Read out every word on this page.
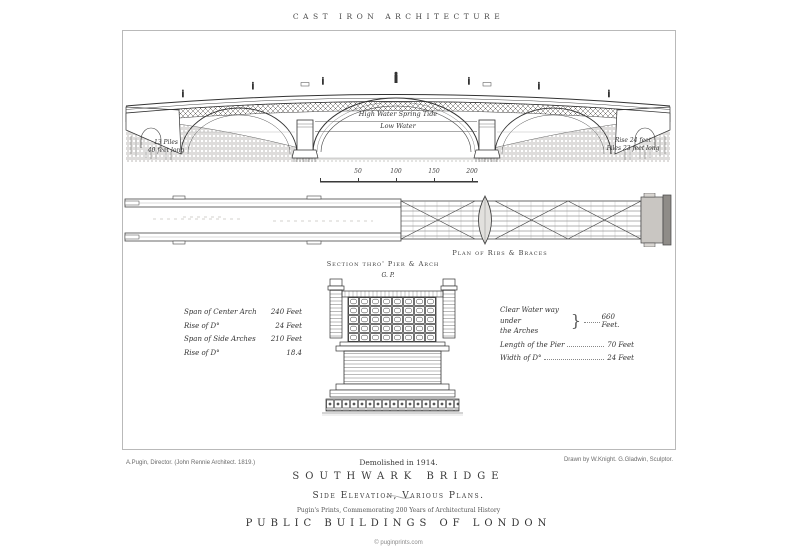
CAST IRON ARCHITECTURE
High Water Spring Tide
Low Water
13 Piles
40 feet long
Rise 24 feet
Piles 23 feet long
50	100	150	200
Plan of Ribs & Braces
Section thro' Pier & Arch
G. P.
Span of Center Arch 240 Feet
Rise of D°	24 Feet
Span of Side Arches 210 Feet
Rise of D°	18.4
Clear Water way under
the Arches
}	660 Feet.
Length of the Pier	70 Feet
Width of D°	24 Feet
A.Pugin, Director. (John Rennie Architect. 1819.)	Demolished in 1914.	Drawn by W.Knight. G.Gladwin, Sculptor.
SOUTHWARK BRIDGE
Side Elevation, Various Plans.
Pugin's Prints, Commemorating 200 Years of Architectural History
PUBLIC BUILDINGS OF LONDON
© puginprints.com
